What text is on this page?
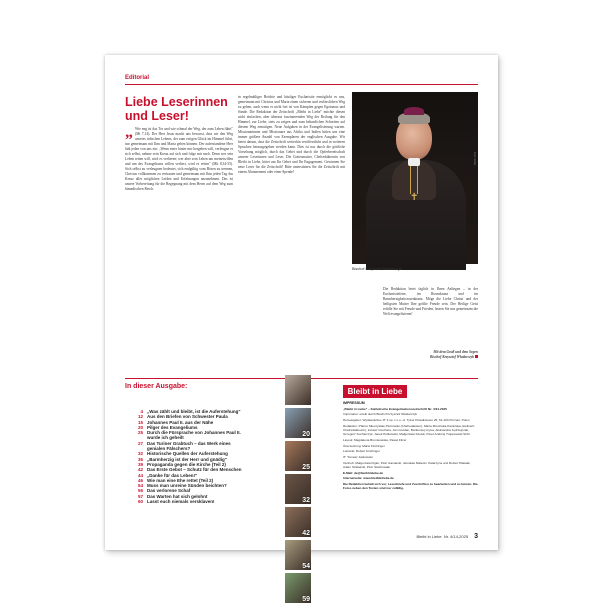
Editorial
Liebe Leserinnen und Leser!
„ Wie eng ist das Tor und wie schmal der Weg, der zum Leben führt" (Mt 7,14). Der Herr Jesus macht uns bewusst, dass wir den Weg unseres irdischen Lebens, der zum ewigen Glück im Himmel führt, nur gemeinsam mit Ihm und Maria gehen können. Der auferstandene Herr lädt jeden von uns ein: „Wenn einer hinter mir hergehen will, verleugne er sich selbst, nehme sein Kreuz auf sich und folge mir nach. Denn wer sein Leben retten will, wird es verlieren; wer aber sein Leben um meinetwillen und um des Evangeliums willen verliert, wird es retten" (Mk 8,34-35). Sich selbst zu verleugnen bedeutet, sich endgültig vom Bösen zu trennen, Christus vollkommen zu vertrauen und gemeinsam mit Ihm jeden Tag das Kreuz aller möglichen Leiden und Erfahrungen anzunehmen. Das ist unsere Vorbereitung für die Begegnung mit dem Herrn auf dem Weg zum himmlischen Reich.
in regelmäßiger Beichte und häufiger Eucharistie ermöglicht es uns, gemeinsam mit Christus und Maria einen sicheren und verlässlichen Weg zu gehen, auch wenn er nicht frei ist von Kämpfen gegen Egoismus und Sünde. Die Redaktion der Zeitschrift „Bleibt in Liebe" möchte diesen nicht einfachen, aber überaus faszinierenden Weg der Reifung für den Himmel, zur Liebe, stets zu zeigen und zum beharrlichen Schreiten auf diesem Weg ermutigen. Neue Aufgaben in der Evangelisierung warten. Missionarinnen und Missionare aus Afrika und Indien bitten uns eine immer größere Anzahl von Exemplaren der englischen Ausgabe. Wir beten darum, dass die Zeitschrift weiterhin veröffentlicht und in weiteren Sprachen herausgegeben werden kann. Dies ist nur durch die göttliche Vorsehung möglich, durch das Gebet und durch die Opferbereitschaft unserer Leserinnen und Leser. Die Gottesmutter, Chefredakteurin von Bleibt in Liebe, bittet um Ihr Gebet und Ihr Engagement. Gewinnen Sie neue Leser für die Zeitschrift! Bitte unterstützen Sie die Zeitschrift mit einem Abonnement oder einer Spende!
✝
Foto: Archiv
Bischof Krzysztof Włodarczyk
Die Redaktion betet täglich in Ihren Anliegen – in der Eucharistiefeier, im Rosenkranz und im Barmherzigkeitsrosenkranz. Möge die Liebe Christi und der heiligsten Mutter Ihre größte Freude sein. Der Heilige Geist erfülle Sie mit Freude und Frieden, lassen Sie uns gemeinsam die Welt evangelisieren!
Mit dem Gruß und dem Segen
Bischof Krzysztof Włodarczyk
In dieser Ausgabe:
4 „Was zählt und bleibt, ist die Auferstehung"
12 Aus den Briefen von Schwester Paula
15 Johannes Paul II. aus der Nähe
20 Pilger des Evangeliums
25 Durch die Fürsprache von Johannes Paul II.
wurde ich geheilt
27 Das Turiner Grabtuch – das Werk eines
genialen Fälschers?
32 Historische Quellen der Auferstehung
35 „Barmherzig ist der Herr und gnädig"
39 Propaganda gegen die Kirche (Teil 2)
42 Das Erste Gebot – Schutz für den Menschen
44 „Danke für das Leben!"
46 Wie man eine Ehe rettet (Teil 2)
54 Muss man unreine Sünden beichten?
56 Das verlorene Schaf
57 Das Warten hat sich gelohnt
60 Lasst euch niemals versklaven!
20
25
32
42
54
59
Bleibt in Liebe
IMPRESSUM

„Bleibt in Liebe" – Katholische Evangelisationszeitschrift Nr. 4/14-2025

Imprimatur: erteilt durch Bischof Krzysztof Włodarczyk

Herausgeber: Wydawnictwo JT 2 sp. z o.o. ul. Tylna Chwaliszewo 25, 61-103 Poznań, Polen

Redaktion: Pfarrer Mieczysław Piotrowski (Chefredakteur), Maria Zbroińska-Kamińska (stellvertr. Chefredakteurin), Łukasz Ciechara, Jan Gozdan, Bartłomiej Grysa, Aleksandra Jędrzejczak, Grzegorz Kucharczyk, Jacek Pulikowski, Małgorzata Szeluk, Peter Andrzej Trojanowski SChr

Layout: Magdalena Bromkowska, Paweł Filzer

Übersetzung: Maria Kirchinger

Lektorat: Robert Kirchinger

IT: Tomasz Jaskowski

Vertrieb: Małgorzata Figler, Piotr Gandecki, Jarosław Malecki, Katarzyna und Robert Pławiak, Adam Szalaśnik, Piotr Stachowiak

E-Mail: de@bleibtinliebe.de

Internetseite: www.bleibtinliebe.de

Die Redaktion behält sich vor, Leserbriefe und Zuschriften zu bearbeiten und zu kürzen. Die Fotos neben den Texten sind nur zufällig.

Bleibt in Liebe
Nr. 4/14-2025 3
